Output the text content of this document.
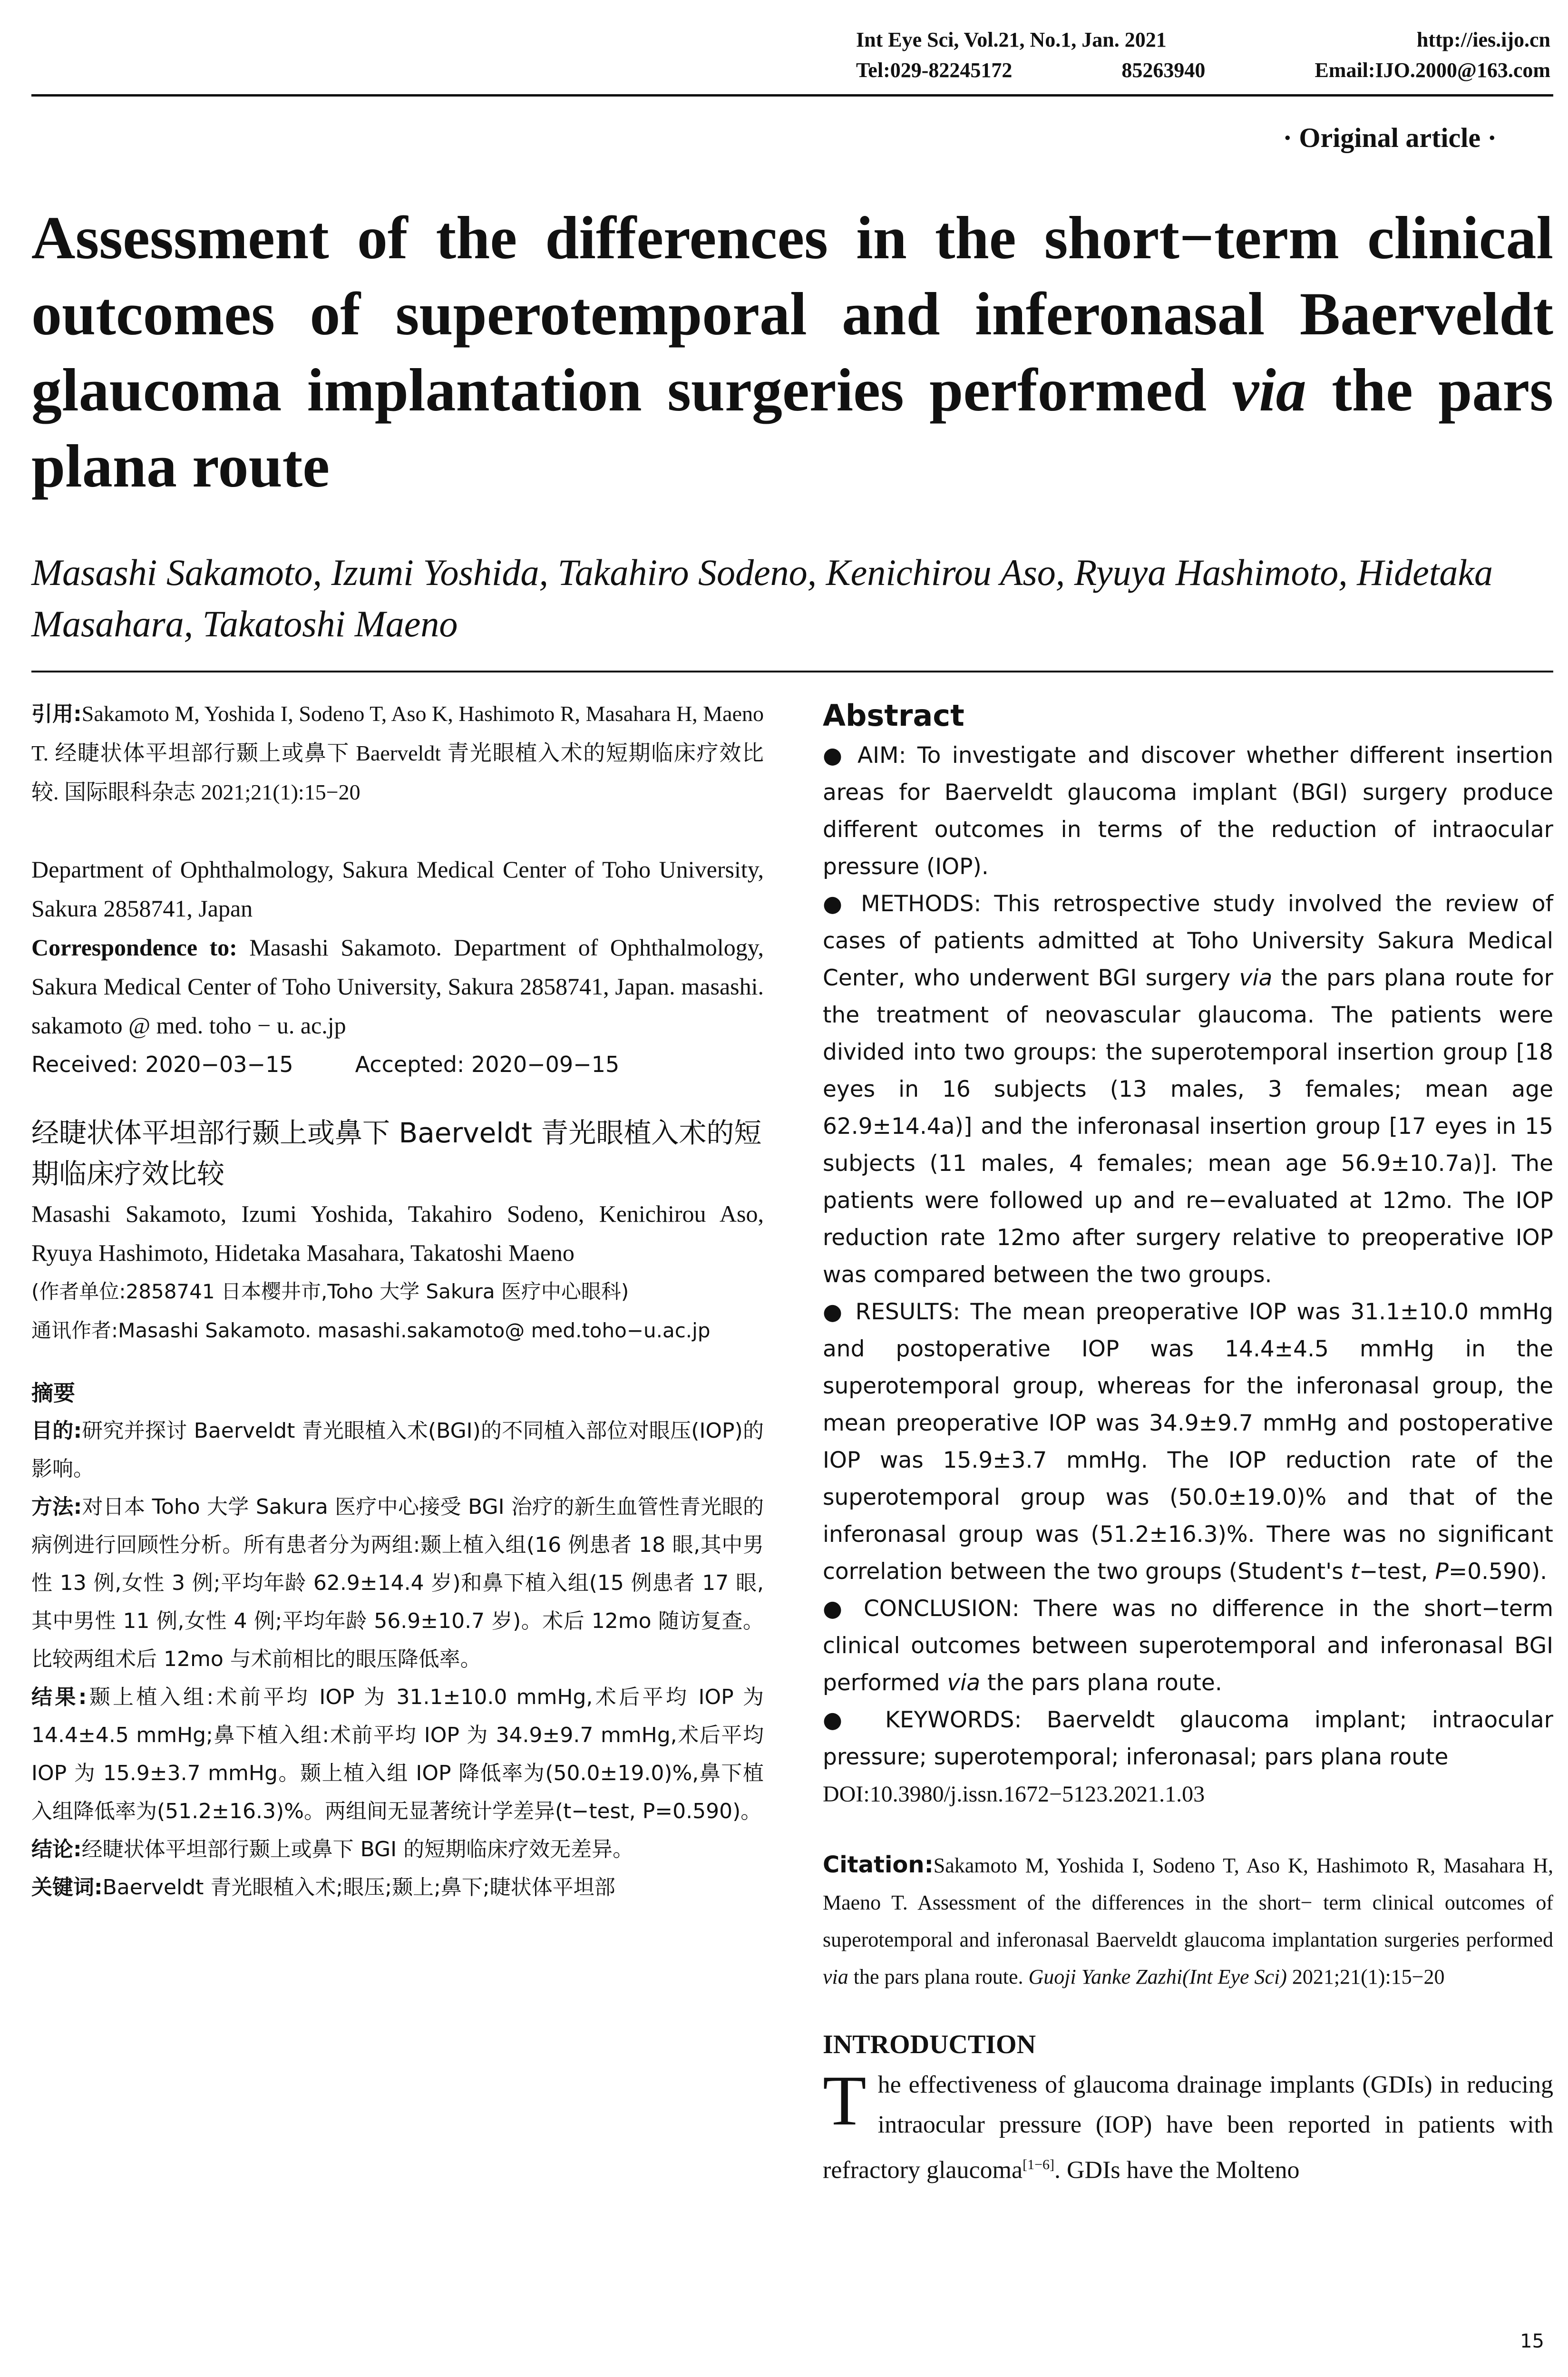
Int Eye Sci, Vol.21, No.1, Jan. 2021	http://ies.ijo.cn
Tel:029-82245172	85263940	Email:IJO.2000@163.com
· Original article ·
Assessment of the differences in the short−term clinical outcomes of superotemporal and inferonasal Baerveldt glaucoma implantation surgeries performed via the pars plana route

Masashi Sakamoto, Izumi Yoshida, Takahiro Sodeno, Kenichirou Aso, Ryuya Hashimoto, Hidetaka Masahara, Takatoshi Maeno

引用:Sakamoto M, Yoshida I, Sodeno T, Aso K, Hashimoto R, Masahara H, Maeno T. 经睫状体平坦部行颞上或鼻下 Baerveldt 青光眼植入术的短期临床疗效比较. 国际眼科杂志 2021;21(1):15−20

Department of Ophthalmology, Sakura Medical Center of Toho University, Sakura 2858741, Japan

Correspondence to: Masashi Sakamoto. Department of Ophthalmology, Sakura Medical Center of Toho University, Sakura 2858741, Japan. masashi. sakamoto @ med. toho − u. ac.jp

Received: 2020−03−15	Accepted: 2020−09−15

经睫状体平坦部行颞上或鼻下 Baerveldt 青光眼植入术的短期临床疗效比较

Masashi Sakamoto, Izumi Yoshida, Takahiro Sodeno, Kenichirou Aso, Ryuya Hashimoto, Hidetaka Masahara, Takatoshi Maeno

(作者单位:2858741 日本樱井市,Toho 大学 Sakura 医疗中心眼科)

通讯作者:Masashi Sakamoto. masashi.sakamoto@ med.toho−u.ac.jp

摘要

目的:研究并探讨 Baerveldt 青光眼植入术(BGI)的不同植入部位对眼压(IOP)的影响。

方法:对日本 Toho 大学 Sakura 医疗中心接受 BGI 治疗的新生血管性青光眼的病例进行回顾性分析。所有患者分为两组:颞上植入组(16 例患者 18 眼,其中男性 13 例,女性 3 例;平均年龄 62.9±14.4 岁)和鼻下植入组(15 例患者 17 眼,其中男性 11 例,女性 4 例;平均年龄 56.9±10.7 岁)。术后 12mo 随访复查。比较两组术后 12mo 与术前相比的眼压降低率。

结果:颞上植入组:术前平均 IOP 为 31.1±10.0 mmHg,术后平均 IOP 为 14.4±4.5 mmHg;鼻下植入组:术前平均 IOP 为 34.9±9.7 mmHg,术后平均 IOP 为 15.9±3.7 mmHg。颞上植入组 IOP 降低率为(50.0±19.0)%,鼻下植入组降低率为(51.2±16.3)%。两组间无显著统计学差异(t−test, P=0.590)。

结论:经睫状体平坦部行颞上或鼻下 BGI 的短期临床疗效无差异。

关键词:Baerveldt 青光眼植入术;眼压;颞上;鼻下;睫状体平坦部

Abstract

● AIM: To investigate and discover whether different insertion areas for Baerveldt glaucoma implant (BGI) surgery produce different outcomes in terms of the reduction of intraocular pressure (IOP).

● METHODS: This retrospective study involved the review of cases of patients admitted at Toho University Sakura Medical Center, who underwent BGI surgery via the pars plana route for the treatment of neovascular glaucoma. The patients were divided into two groups: the superotemporal insertion group [18 eyes in 16 subjects (13 males, 3 females; mean age 62.9±14.4a)] and the inferonasal insertion group [17 eyes in 15 subjects (11 males, 4 females; mean age 56.9±10.7a)]. The patients were followed up and re−evaluated at 12mo. The IOP reduction rate 12mo after surgery relative to preoperative IOP was compared between the two groups.

● RESULTS: The mean preoperative IOP was 31.1±10.0 mmHg and postoperative IOP was 14.4±4.5 mmHg in the superotemporal group, whereas for the inferonasal group, the mean preoperative IOP was 34.9±9.7 mmHg and postoperative IOP was 15.9±3.7 mmHg. The IOP reduction rate of the superotemporal group was (50.0±19.0)% and that of the inferonasal group was (51.2±16.3)%. There was no significant correlation between the two groups (Student's t−test, P=0.590).

● CONCLUSION: There was no difference in the short−term clinical outcomes between superotemporal and inferonasal BGI performed via the pars plana route.

● KEYWORDS: Baerveldt glaucoma implant; intraocular pressure; superotemporal; inferonasal; pars plana route

DOI:10.3980/j.issn.1672−5123.2021.1.03

Citation:Sakamoto M, Yoshida I, Sodeno T, Aso K, Hashimoto R, Masahara H, Maeno T. Assessment of the differences in the short− term clinical outcomes of superotemporal and inferonasal Baerveldt glaucoma implantation surgeries performed via the pars plana route. Guoji Yanke Zazhi(Int Eye Sci) 2021;21(1):15−20

INTRODUCTION

The effectiveness of glaucoma drainage implants (GDIs) in reducing intraocular pressure (IOP) have been reported in patients with refractory glaucoma[1−6]. GDIs have the Molteno

15
